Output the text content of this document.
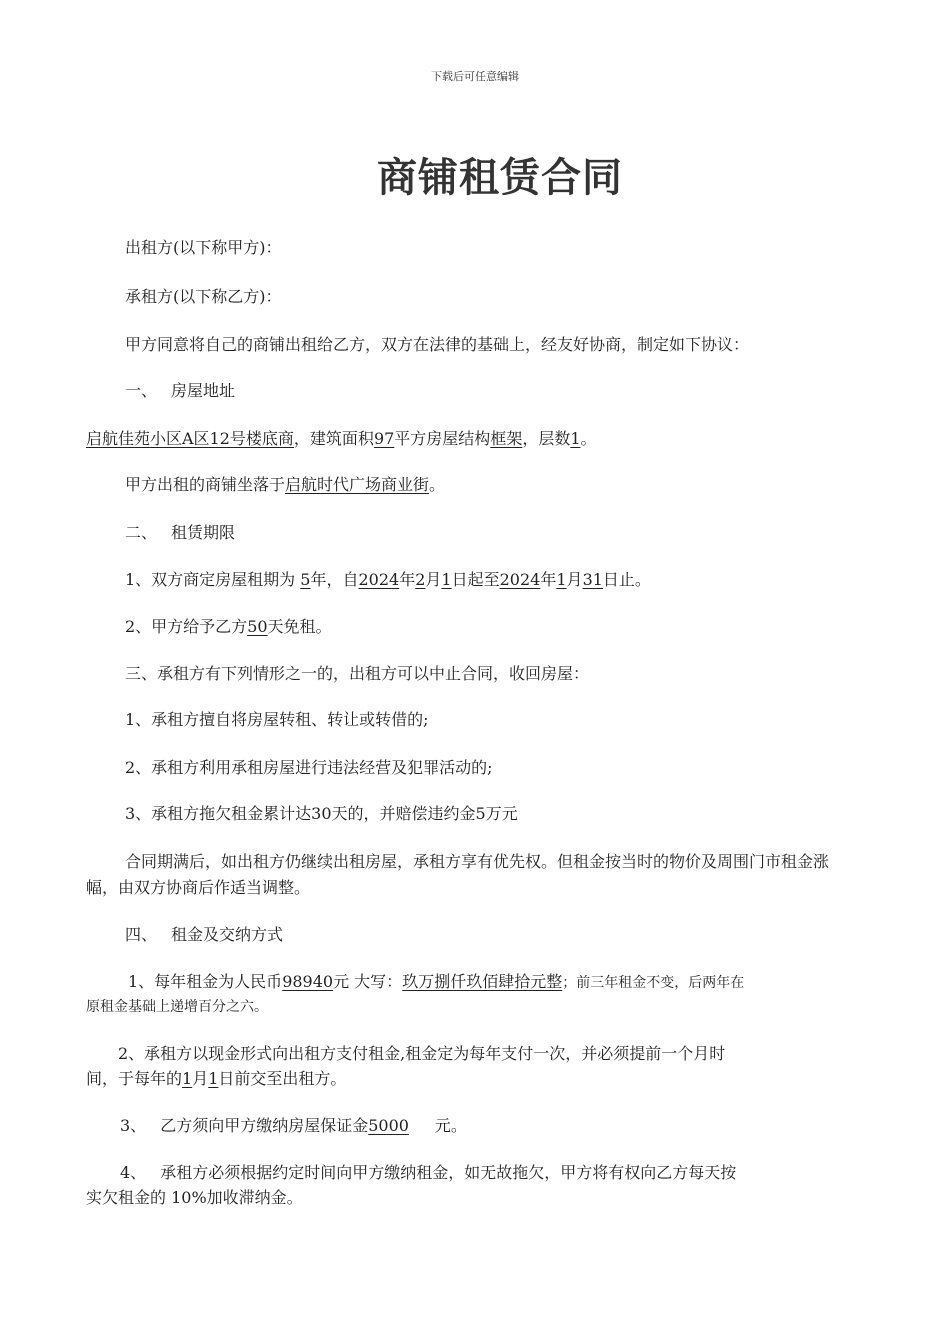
下载后可任意编辑
商铺租赁合同
出租方(以下称甲方)：
承租方(以下称乙方)：
甲方同意将自己的商铺出租给乙方，双方在法律的基础上，经友好协商，制定如下协议：
一、 房屋地址
启航佳苑小区A区12号楼底商，建筑面积97平方房屋结构框架，层数1。
甲方出租的商铺坐落于启航时代广场商业街。
二、 租赁期限
1、双方商定房屋租期为 5年，自2024年2月1日起至2024年1月31日止。
2、甲方给予乙方50天免租。
三、承租方有下列情形之一的，出租方可以中止合同，收回房屋：
1、承租方擅自将房屋转租、转让或转借的;
2、承租方利用承租房屋进行违法经营及犯罪活动的;
3、承租方拖欠租金累计达30天的，并赔偿违约金5万元
合同期满后，如出租方仍继续出租房屋，承租方享有优先权。但租金按当时的物价及周围门市租金涨幅，由双方协商后作适当调整。
四、 租金及交纳方式
1、每年租金为人民币98940元 大写：玖万捌仟玖佰肆拾元整；前三年租金不变，后两年在
原租金基础上递增百分之六。
2、承租方以现金形式向出租方支付租金,租金定为每年支付一次，并必须提前一个月时
间，于每年的1月1日前交至出租方。
3、 乙方须向甲方缴纳房屋保证金5000 元。
4、 承租方必须根据约定时间向甲方缴纳租金，如无故拖欠，甲方将有权向乙方每天按
实欠租金的 10%加收滞纳金。
